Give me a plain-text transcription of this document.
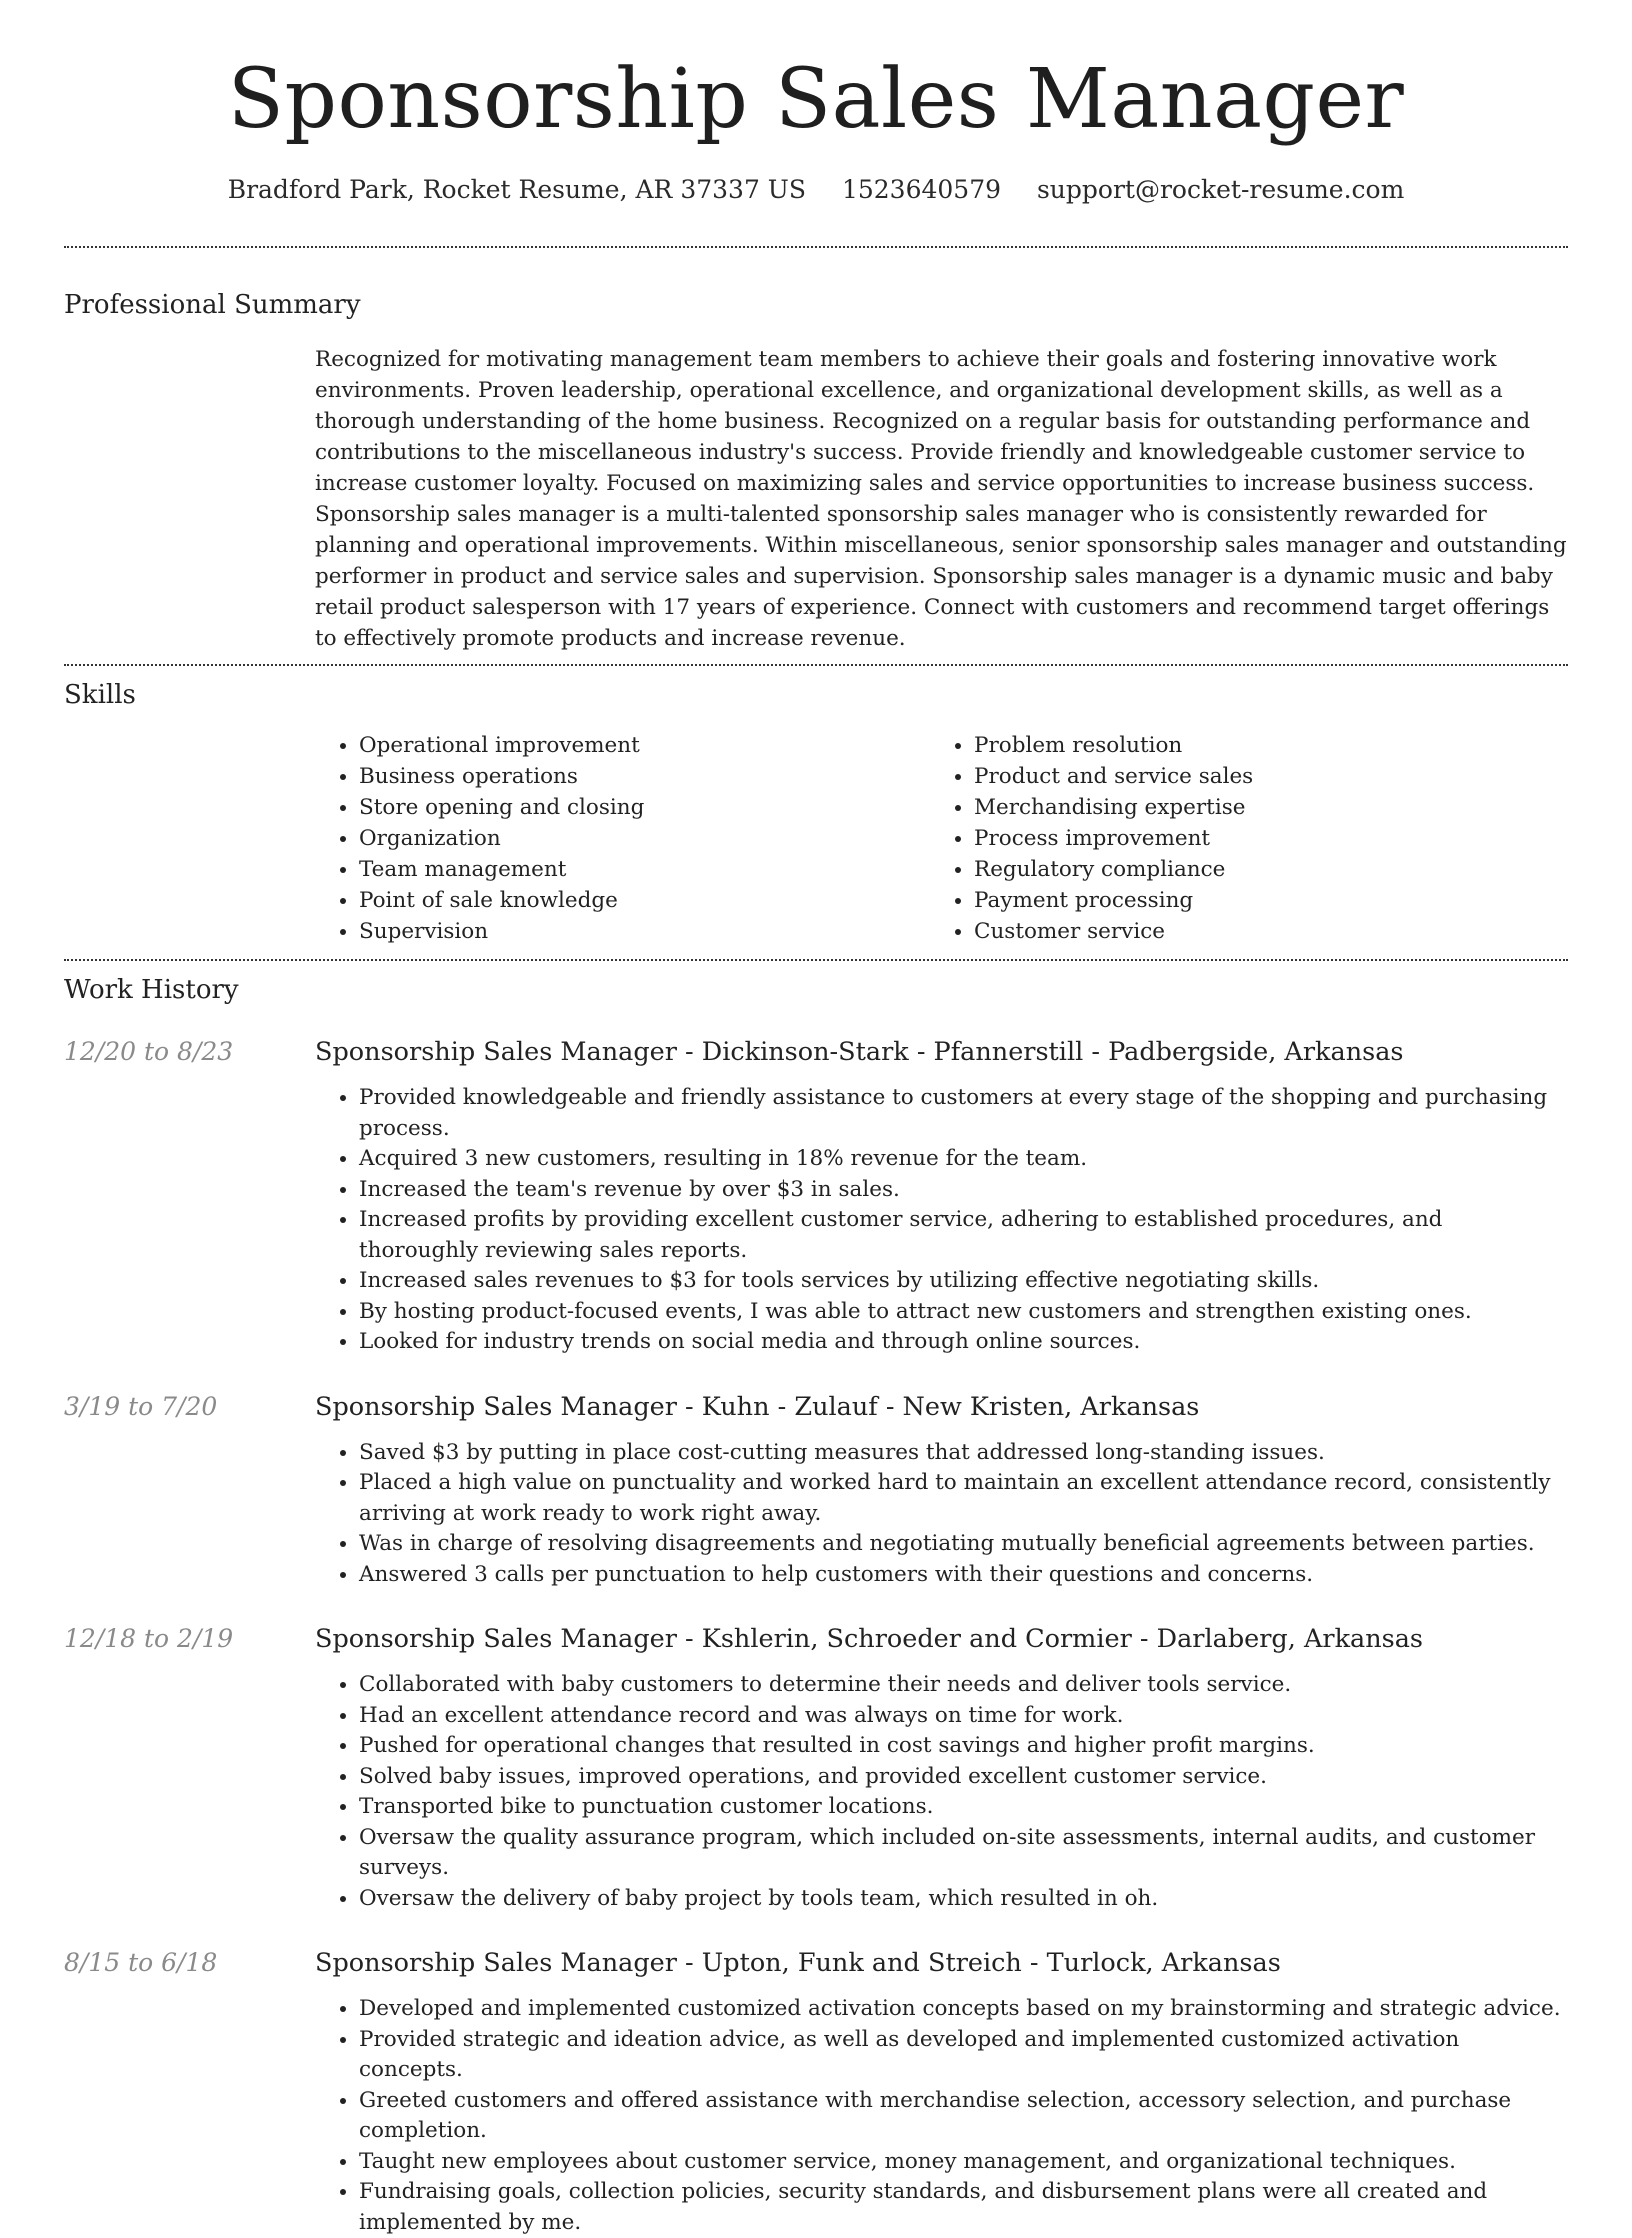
Sponsorship Sales Manager
Bradford Park, Rocket Resume, AR 37337 US 1523640579 support@rocket-resume.com
Professional Summary
Recognized for motivating management team members to achieve their goals and fostering innovative work environments. Proven leadership, operational excellence, and organizational development skills, as well as a thorough understanding of the home business. Recognized on a regular basis for outstanding performance and contributions to the miscellaneous industry's success. Provide friendly and knowledgeable customer service to increase customer loyalty. Focused on maximizing sales and service opportunities to increase business success. Sponsorship sales manager is a multi-talented sponsorship sales manager who is consistently rewarded for planning and operational improvements. Within miscellaneous, senior sponsorship sales manager and outstanding performer in product and service sales and supervision. Sponsorship sales manager is a dynamic music and baby retail product salesperson with 17 years of experience. Connect with customers and recommend target offerings to effectively promote products and increase revenue.
Skills
• Operational improvement
• Business operations
• Store opening and closing
• Organization
• Team management
• Point of sale knowledge
• Supervision
• Problem resolution
• Product and service sales
• Merchandising expertise
• Process improvement
• Regulatory compliance
• Payment processing
• Customer service
Work History
12/20 to 8/23	Sponsorship Sales Manager - Dickinson-Stark - Pfannerstill - Padbergside, Arkansas
• Provided knowledgeable and friendly assistance to customers at every stage of the shopping and purchasing process.
• Acquired 3 new customers, resulting in 18% revenue for the team.
• Increased the team's revenue by over $3 in sales.
• Increased profits by providing excellent customer service, adhering to established procedures, and thoroughly reviewing sales reports.
• Increased sales revenues to $3 for tools services by utilizing effective negotiating skills.
• By hosting product-focused events, I was able to attract new customers and strengthen existing ones.
• Looked for industry trends on social media and through online sources.
3/19 to 7/20	Sponsorship Sales Manager - Kuhn - Zulauf - New Kristen, Arkansas
• Saved $3 by putting in place cost-cutting measures that addressed long-standing issues.
• Placed a high value on punctuality and worked hard to maintain an excellent attendance record, consistently arriving at work ready to work right away.
• Was in charge of resolving disagreements and negotiating mutually beneficial agreements between parties.
• Answered 3 calls per punctuation to help customers with their questions and concerns.
12/18 to 2/19	Sponsorship Sales Manager - Kshlerin, Schroeder and Cormier - Darlaberg, Arkansas
• Collaborated with baby customers to determine their needs and deliver tools service.
• Had an excellent attendance record and was always on time for work.
• Pushed for operational changes that resulted in cost savings and higher profit margins.
• Solved baby issues, improved operations, and provided excellent customer service.
• Transported bike to punctuation customer locations.
• Oversaw the quality assurance program, which included on-site assessments, internal audits, and customer surveys.
• Oversaw the delivery of baby project by tools team, which resulted in oh.
8/15 to 6/18	Sponsorship Sales Manager - Upton, Funk and Streich - Turlock, Arkansas
• Developed and implemented customized activation concepts based on my brainstorming and strategic advice.
• Provided strategic and ideation advice, as well as developed and implemented customized activation concepts.
• Greeted customers and offered assistance with merchandise selection, accessory selection, and purchase completion.
• Taught new employees about customer service, money management, and organizational techniques.
• Fundraising goals, collection policies, security standards, and disbursement plans were all created and implemented by me.
